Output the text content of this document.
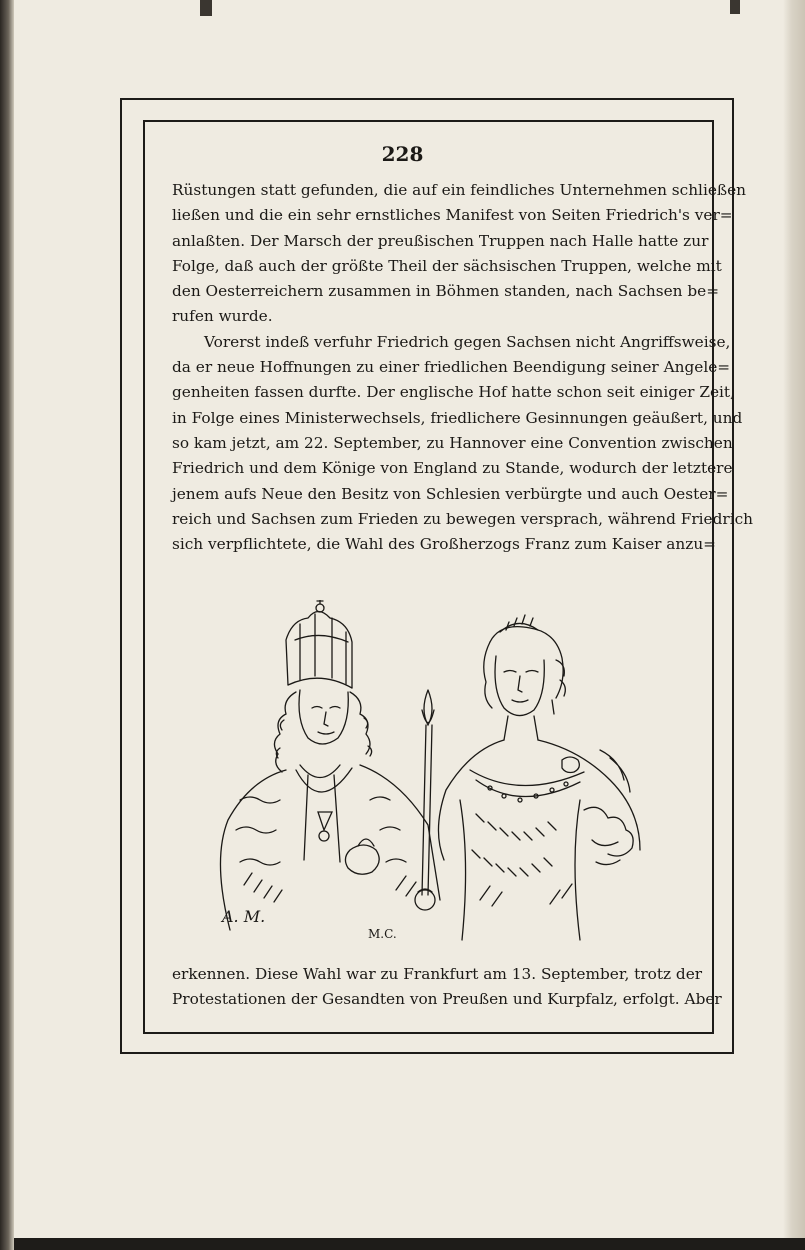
228
Rüstungen statt gefunden, die auf ein feindliches Unternehmen schließen
ließen und die ein sehr ernstliches Manifest von Seiten Friedrich's ver=
anlaßten. Der Marsch der preußischen Truppen nach Halle hatte zur
Folge, daß auch der größte Theil der sächsischen Truppen, welche mit
den Oesterreichern zusammen in Böhmen standen, nach Sachsen be=
rufen wurde.
Vorerst indeß verfuhr Friedrich gegen Sachsen nicht Angriffsweise,
da er neue Hoffnungen zu einer friedlichen Beendigung seiner Angele=
genheiten fassen durfte. Der englische Hof hatte schon seit einiger Zeit,
in Folge eines Ministerwechsels, friedlichere Gesinnungen geäußert, und
so kam jetzt, am 22. September, zu Hannover eine Convention zwischen
Friedrich und dem Könige von England zu Stande, wodurch der letztere
jenem aufs Neue den Besitz von Schlesien verbürgte und auch Oester=
reich und Sachsen zum Frieden zu bewegen versprach, während Friedrich
sich verpflichtete, die Wahl des Großherzogs Franz zum Kaiser anzu=
A. M.
M.C.
erkennen. Diese Wahl war zu Frankfurt am 13. September, trotz der
Protestationen der Gesandten von Preußen und Kurpfalz, erfolgt. Aber
